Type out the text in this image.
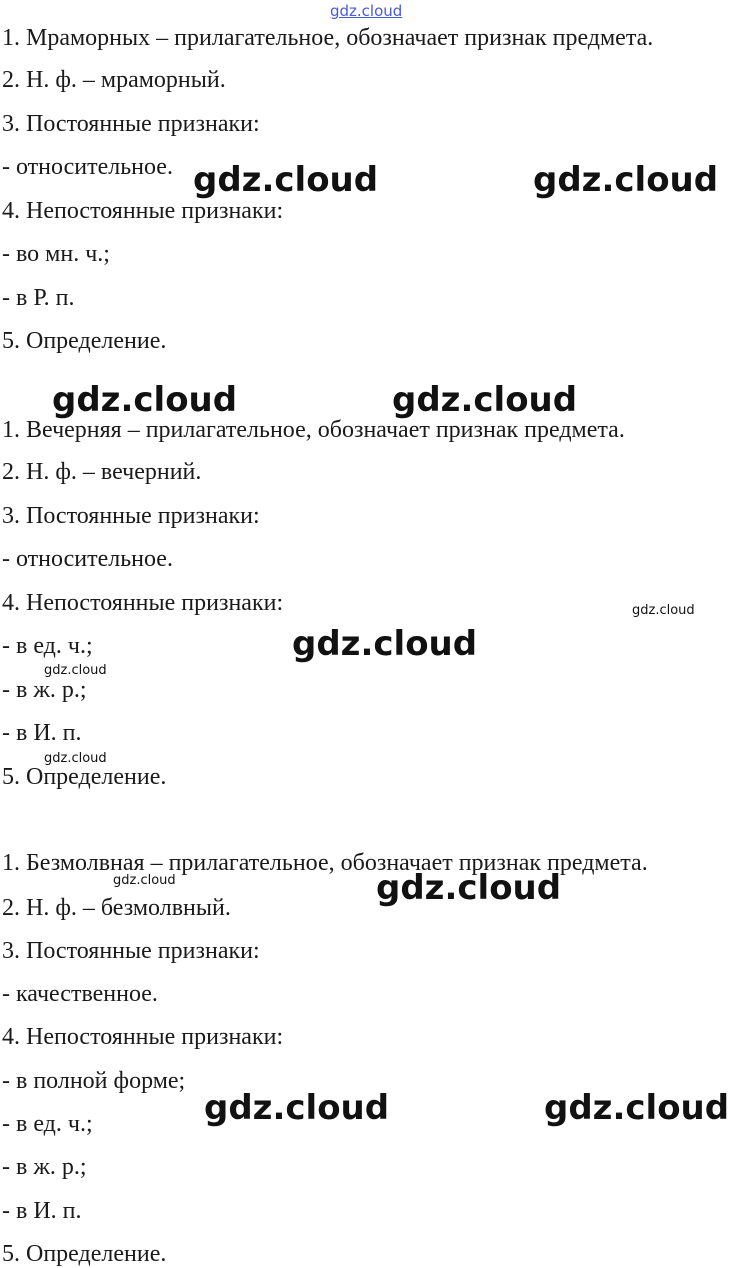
gdz.cloud

1. Мраморных – прилагательное, обозначает признак предмета.

2. Н. ф. – мраморный.

3. Постоянные признаки:

- относительное.

4. Непостоянные признаки:

- во мн. ч.;

- в Р. п.

5. Определение.

1. Вечерняя – прилагательное, обозначает признак предмета.

2. Н. ф. – вечерний.

3. Постоянные признаки:

- относительное.

4. Непостоянные признаки:

- в ед. ч.;

- в ж. р.;

- в И. п.

5. Определение.

1. Безмолвная – прилагательное, обозначает признак предмета.

2. Н. ф. – безмолвный.

3. Постоянные признаки:

- качественное.

4. Непостоянные признаки:

- в полной форме;

- в ед. ч.;

- в ж. р.;

- в И. п.

5. Определение.

gdz.cloud	gdz.cloud
gdz.cloud	gdz.cloud
gdz.cloud
gdz.cloud
gdz.cloud
gdz.cloud
gdz.cloud	gdz.cloud
gdz.cloud	gdz.cloud
